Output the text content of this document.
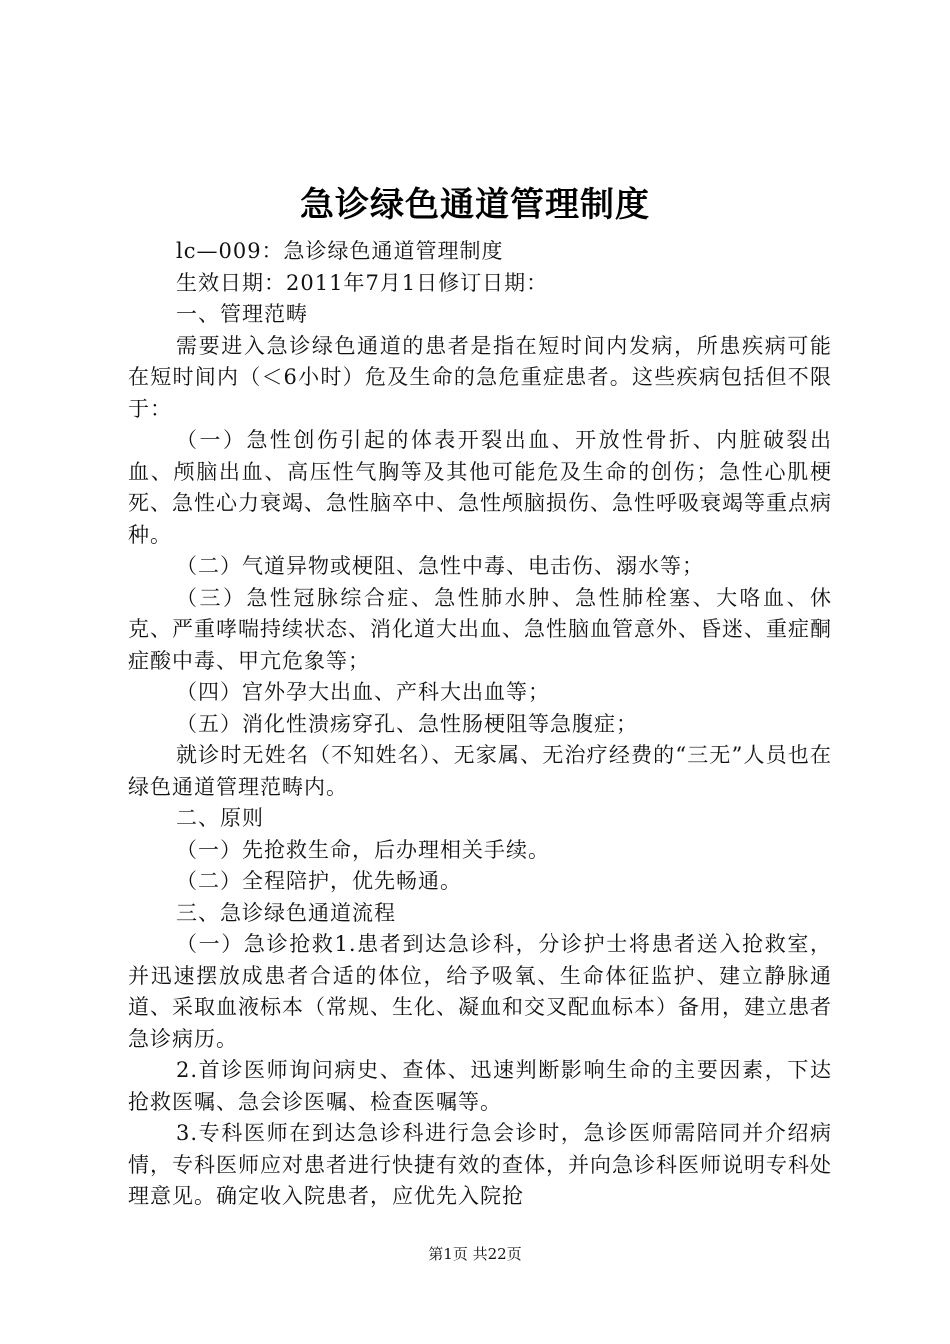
急诊绿色通道管理制度

lc—009：急诊绿色通道管理制度

生效日期：2011年7月1日修订日期：

一、管理范畴

需要进入急诊绿色通道的患者是指在短时间内发病，所患疾病可能在短时间内（＜6小时）危及生命的急危重症患者。这些疾病包括但不限于：

（一）急性创伤引起的体表开裂出血、开放性骨折、内脏破裂出血、颅脑出血、高压性气胸等及其他可能危及生命的创伤；急性心肌梗死、急性心力衰竭、急性脑卒中、急性颅脑损伤、急性呼吸衰竭等重点病种。

（二）气道异物或梗阻、急性中毒、电击伤、溺水等；

（三）急性冠脉综合症、急性肺水肿、急性肺栓塞、大咯血、休克、严重哮喘持续状态、消化道大出血、急性脑血管意外、昏迷、重症酮症酸中毒、甲亢危象等；

（四）宫外孕大出血、产科大出血等；

（五）消化性溃疡穿孔、急性肠梗阻等急腹症；

就诊时无姓名（不知姓名）、无家属、无治疗经费的“三无”人员也在绿色通道管理范畴内。

二、原则

（一）先抢救生命，后办理相关手续。

（二）全程陪护，优先畅通。

三、急诊绿色通道流程

（一）急诊抢救1.患者到达急诊科，分诊护士将患者送入抢救室，并迅速摆放成患者合适的体位，给予吸氧、生命体征监护、建立静脉通道、采取血液标本（常规、生化、凝血和交叉配血标本）备用，建立患者急诊病历。

2.首诊医师询问病史、查体、迅速判断影响生命的主要因素，下达抢救医嘱、急会诊医嘱、检查医嘱等。

3.专科医师在到达急诊科进行急会诊时，急诊医师需陪同并介绍病情，专科医师应对患者进行快捷有效的查体，并向急诊科医师说明专科处理意见。确定收入院患者，应优先入院抢

第1页 共22页
